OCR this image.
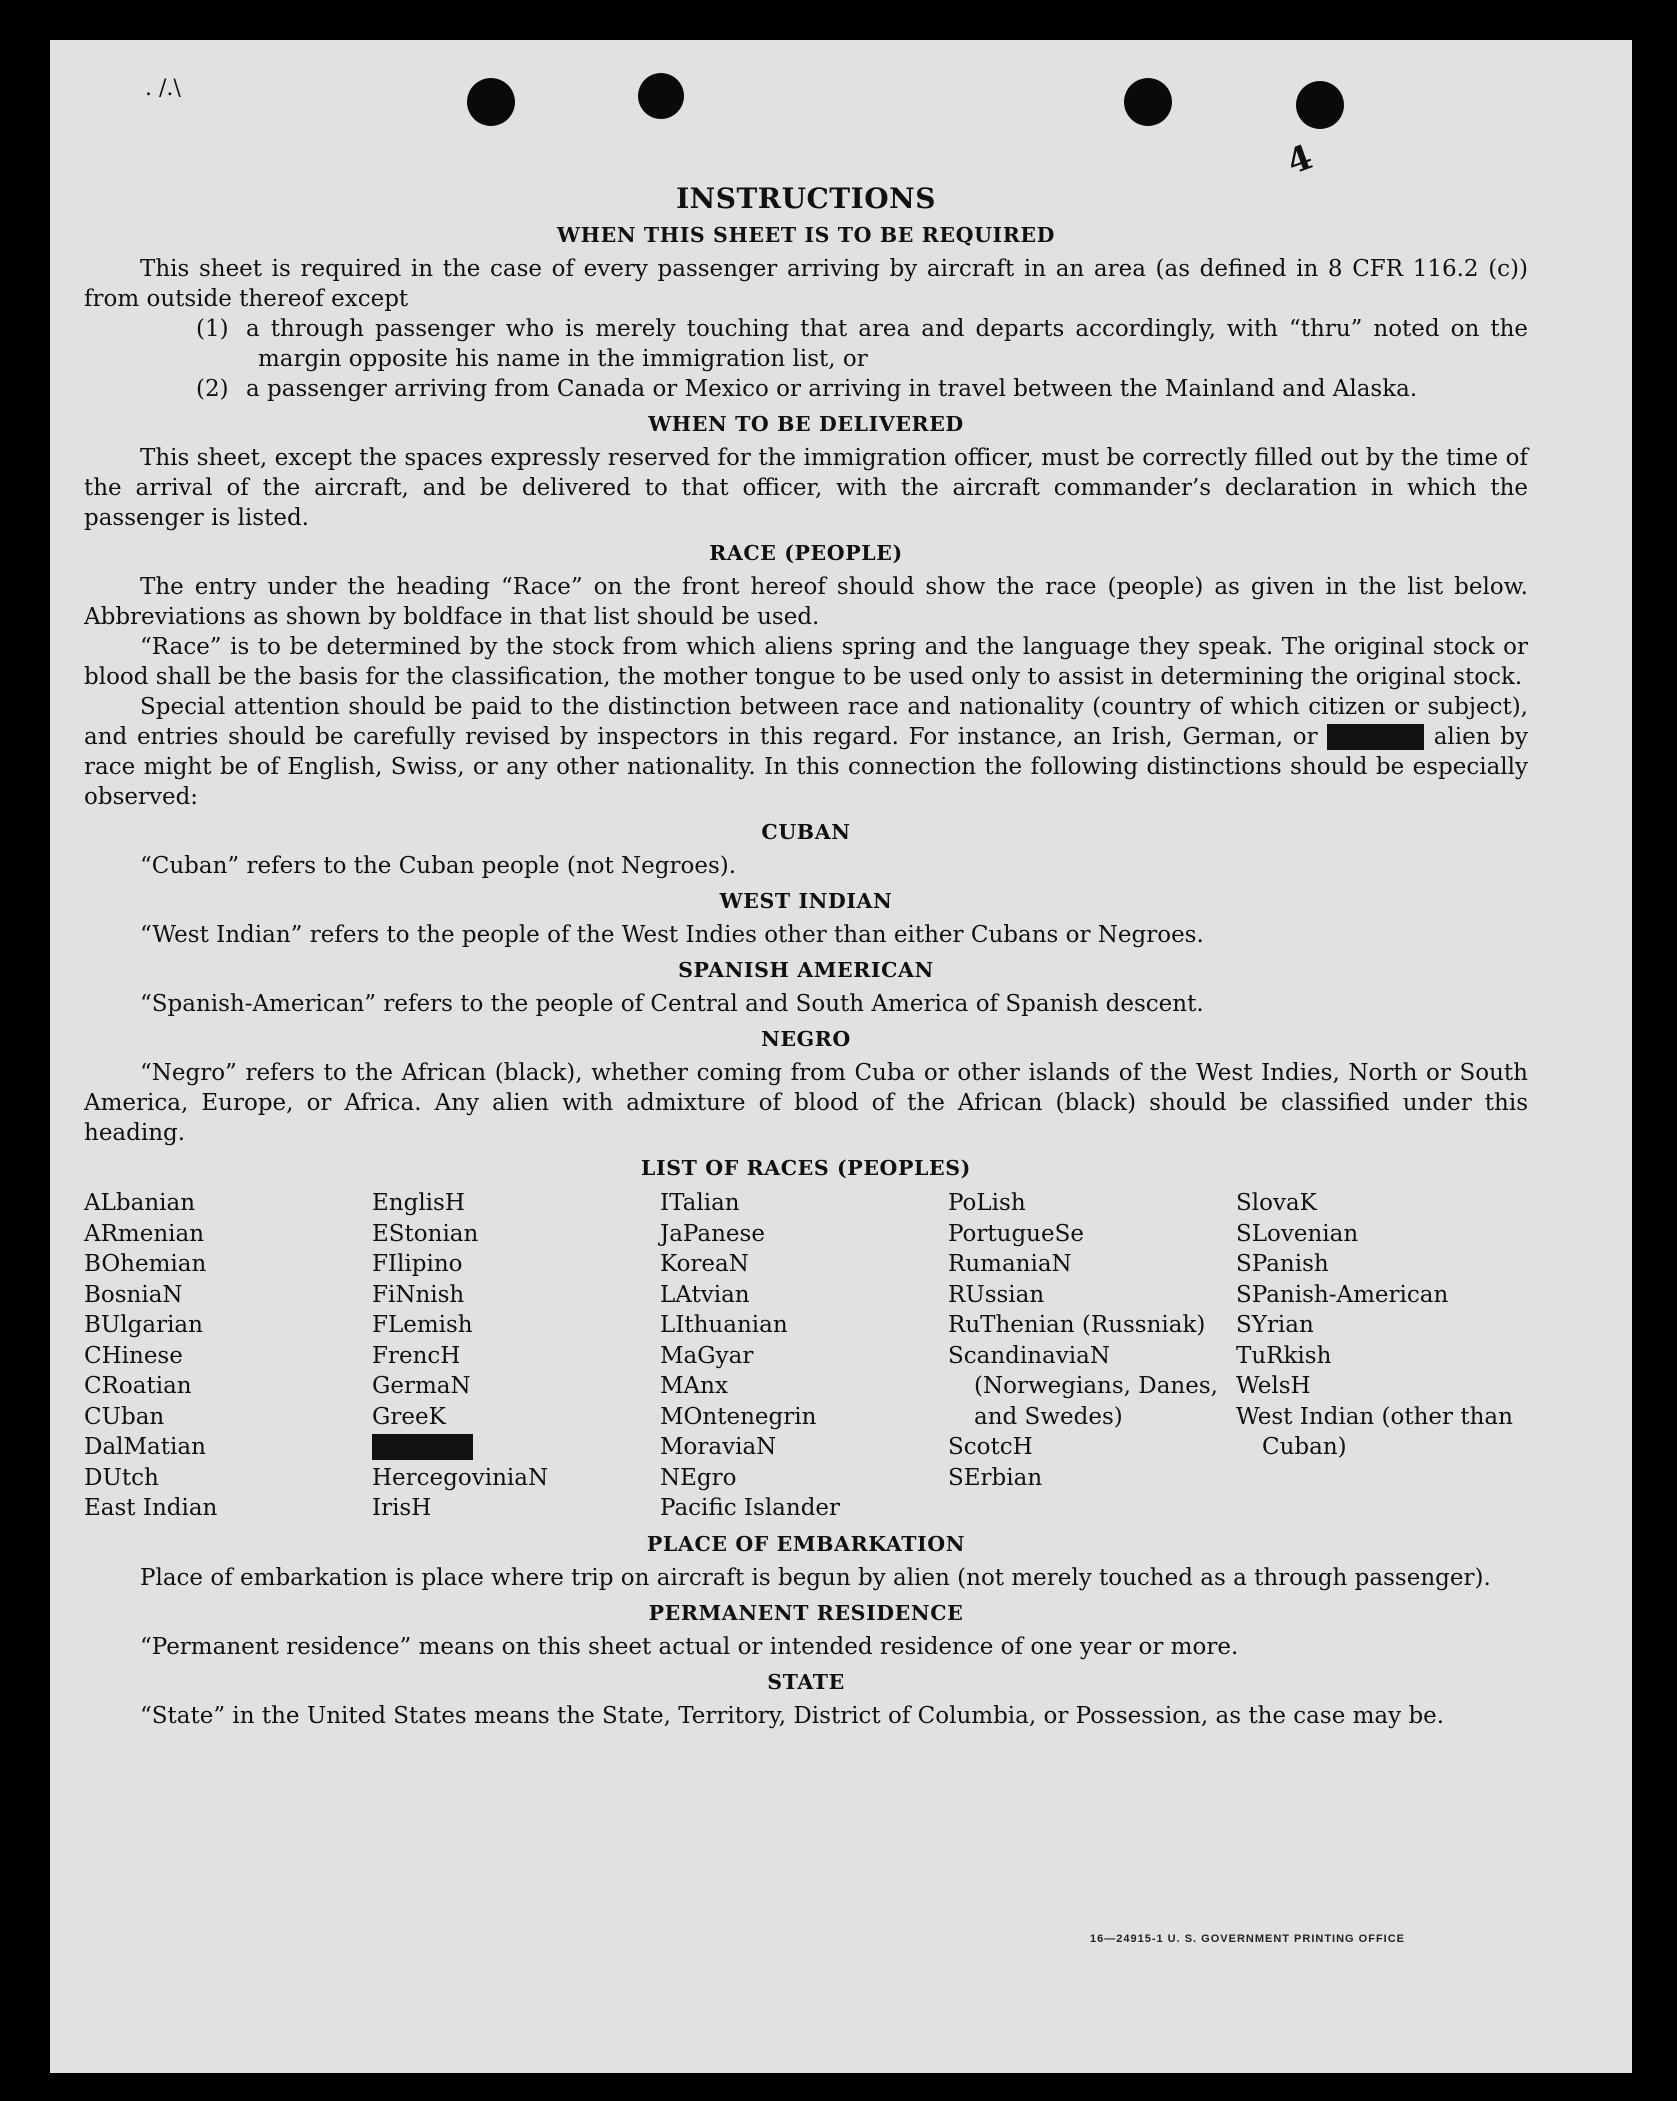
. /.\
4
INSTRUCTIONS
WHEN THIS SHEET IS TO BE REQUIRED
This sheet is required in the case of every passenger arriving by aircraft in an area (as defined in 8 CFR 116.2 (c)) from outside thereof except
(1) a through passenger who is merely touching that area and departs accordingly, with “thru” noted on the margin opposite his name in the immigration list, or
(2) a passenger arriving from Canada or Mexico or arriving in travel between the Mainland and Alaska.
WHEN TO BE DELIVERED
This sheet, except the spaces expressly reserved for the immigration officer, must be correctly filled out by the time of the arrival of the aircraft, and be delivered to that officer, with the aircraft commander’s declaration in which the passenger is listed.
RACE (PEOPLE)
The entry under the heading “Race” on the front hereof should show the race (people) as given in the list below. Abbreviations as shown by boldface in that list should be used.
“Race” is to be determined by the stock from which aliens spring and the language they speak. The original stock or blood shall be the basis for the classification, the mother tongue to be used only to assist in determining the original stock.
Special attention should be paid to the distinction between race and nationality (country of which citizen or subject), and entries should be carefully revised by inspectors in this regard. For instance, an Irish, German, or Hebrew alien by race might be of English, Swiss, or any other nationality. In this connection the following distinctions should be especially observed:
CUBAN
“Cuban” refers to the Cuban people (not Negroes).
WEST INDIAN
“West Indian” refers to the people of the West Indies other than either Cubans or Negroes.
SPANISH AMERICAN
“Spanish-American” refers to the people of Central and South America of Spanish descent.
NEGRO
“Negro” refers to the African (black), whether coming from Cuba or other islands of the West Indies, North or South America, Europe, or Africa. Any alien with admixture of blood of the African (black) should be classified under this heading.
LIST OF RACES (PEOPLES)
ALbanian
ARmenian
BOhemian
BosniaN
BUlgarian
CHinese
CRoatian
CUban
DalMatian
DUtch
East Indian
EnglisH
EStonian
FIlipino
FiNnish
FLemish
FrencH
GermaN
GreeK
HebreW
HercegoviniaN
IrisH
ITalian
JaPanese
KoreaN
LAtvian
LIthuanian
MaGyar
MAnx
MOntenegrin
MoraviaN
NEgro
Pacific Islander
PoLish
PortugueSe
RumaniaN
RUssian
RuThenian (Russniak)
ScandinaviaN (Norwegians, Danes, and Swedes)
ScotcH
SErbian
SlovaK
SLovenian
SPanish
SPanish-American
SYrian
TuRkish
WelsH
West Indian (other than Cuban)
PLACE OF EMBARKATION
Place of embarkation is place where trip on aircraft is begun by alien (not merely touched as a through passenger).
PERMANENT RESIDENCE
“Permanent residence” means on this sheet actual or intended residence of one year or more.
STATE
“State” in the United States means the State, Territory, District of Columbia, or Possession, as the case may be.
16—24915-1 U. S. GOVERNMENT PRINTING OFFICE
